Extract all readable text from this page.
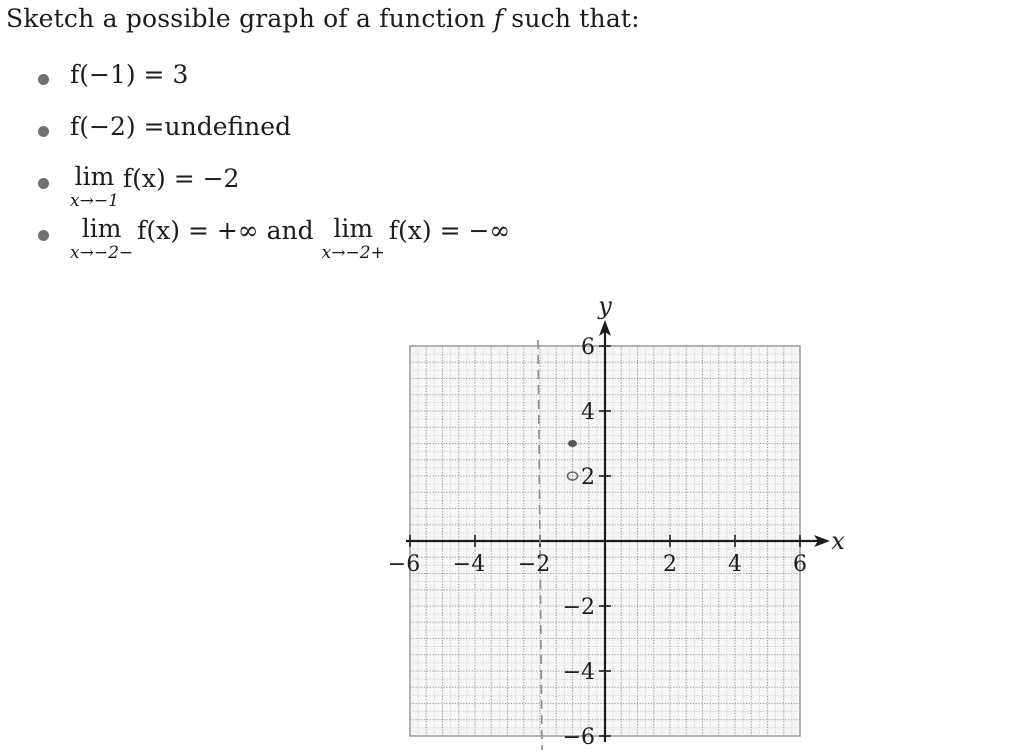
Sketch a possible graph of a function f such that:
f(−1) = 3
f(−2) =undefined
lim
x→−1
f(x) = −2
lim
x→−2−
f(x) = +∞ and lim
x→−2+
f(x) = −∞
−6 −4 −2	2 4 6
6
4
2
−2
−4
−6
x
y
